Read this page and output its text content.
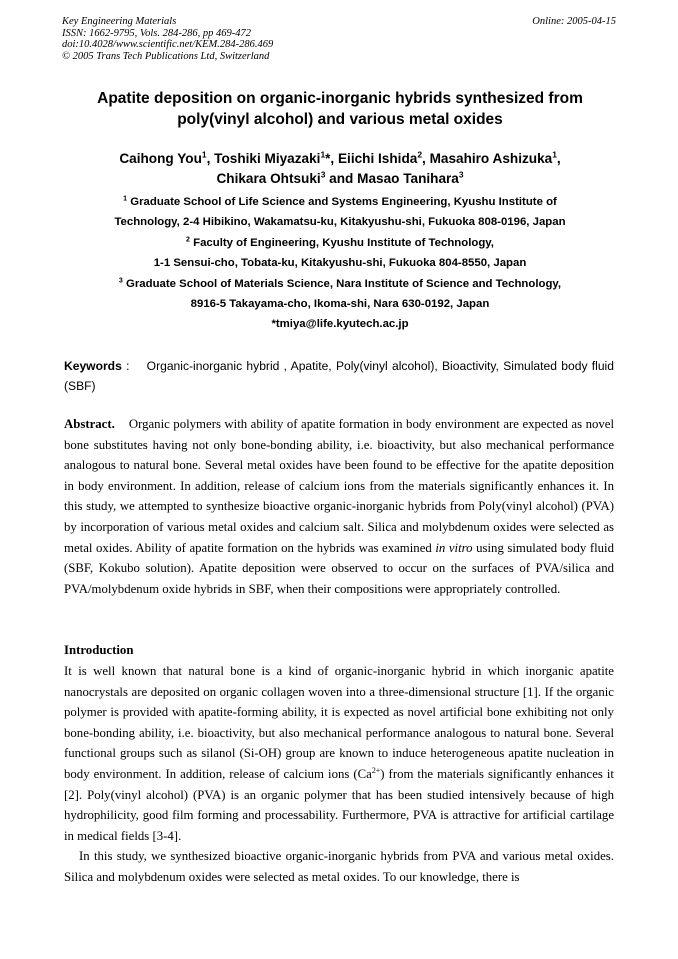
Key Engineering Materials
ISSN: 1662-9795, Vols. 284-286, pp 469-472
doi:10.4028/www.scientific.net/KEM.284-286.469
© 2005 Trans Tech Publications Ltd, Switzerland
Online: 2005-04-15
Apatite deposition on organic-inorganic hybrids synthesized from
poly(vinyl alcohol) and various metal oxides
Caihong You$^1$, Toshiki Miyazaki$^1$*, Eiichi Ishida$^2$, Masahiro Ashizuka$^1$,
Chikara Ohtsuki$^3$ and Masao Tanihara$^3$
$^1$ Graduate School of Life Science and Systems Engineering, Kyushu Institute of
Technology, 2-4 Hibikino, Wakamatsu-ku, Kitakyushu-shi, Fukuoka 808-0196, Japan
$^2$ Faculty of Engineering, Kyushu Institute of Technology,
1-1 Sensui-cho, Tobata-ku, Kitakyushu-shi, Fukuoka 804-8550, Japan
$^3$ Graduate School of Materials Science, Nara Institute of Science and Technology,
8916-5 Takayama-cho, Ikoma-shi, Nara 630-0192, Japan
*tmiya@life.kyutech.ac.jp
Keywords : Organic-inorganic hybrid , Apatite, Poly(vinyl alcohol), Bioactivity, Simulated body fluid (SBF)
Abstract. Organic polymers with ability of apatite formation in body environment are expected as novel bone substitutes having not only bone-bonding ability, i.e. bioactivity, but also mechanical performance analogous to natural bone. Several metal oxides have been found to be effective for the apatite deposition in body environment. In addition, release of calcium ions from the materials significantly enhances it. In this study, we attempted to synthesize bioactive organic-inorganic hybrids from Poly(vinyl alcohol) (PVA) by incorporation of various metal oxides and calcium salt. Silica and molybdenum oxides were selected as metal oxides. Ability of apatite formation on the hybrids was examined in vitro using simulated body fluid (SBF, Kokubo solution). Apatite deposition were observed to occur on the surfaces of PVA/silica and PVA/molybdenum oxide hybrids in SBF, when their compositions were appropriately controlled.
Introduction
It is well known that natural bone is a kind of organic-inorganic hybrid in which inorganic apatite nanocrystals are deposited on organic collagen woven into a three-dimensional structure [1]. If the organic polymer is provided with apatite-forming ability, it is expected as novel artificial bone exhibiting not only bone-bonding ability, i.e. bioactivity, but also mechanical performance analogous to natural bone. Several functional groups such as silanol (Si-OH) group are known to induce heterogeneous apatite nucleation in body environment. In addition, release of calcium ions $(Ca^{2+})$ from the materials significantly enhances it [2]. Poly(vinyl alcohol) (PVA) is an organic polymer that has been studied intensively because of high hydrophilicity, good film forming and processability. Furthermore, PVA is attractive for artificial cartilage in medical fields [3-4].
In this study, we synthesized bioactive organic-inorganic hybrids from PVA and various metal oxides. Silica and molybdenum oxides were selected as metal oxides. To our knowledge, there is
